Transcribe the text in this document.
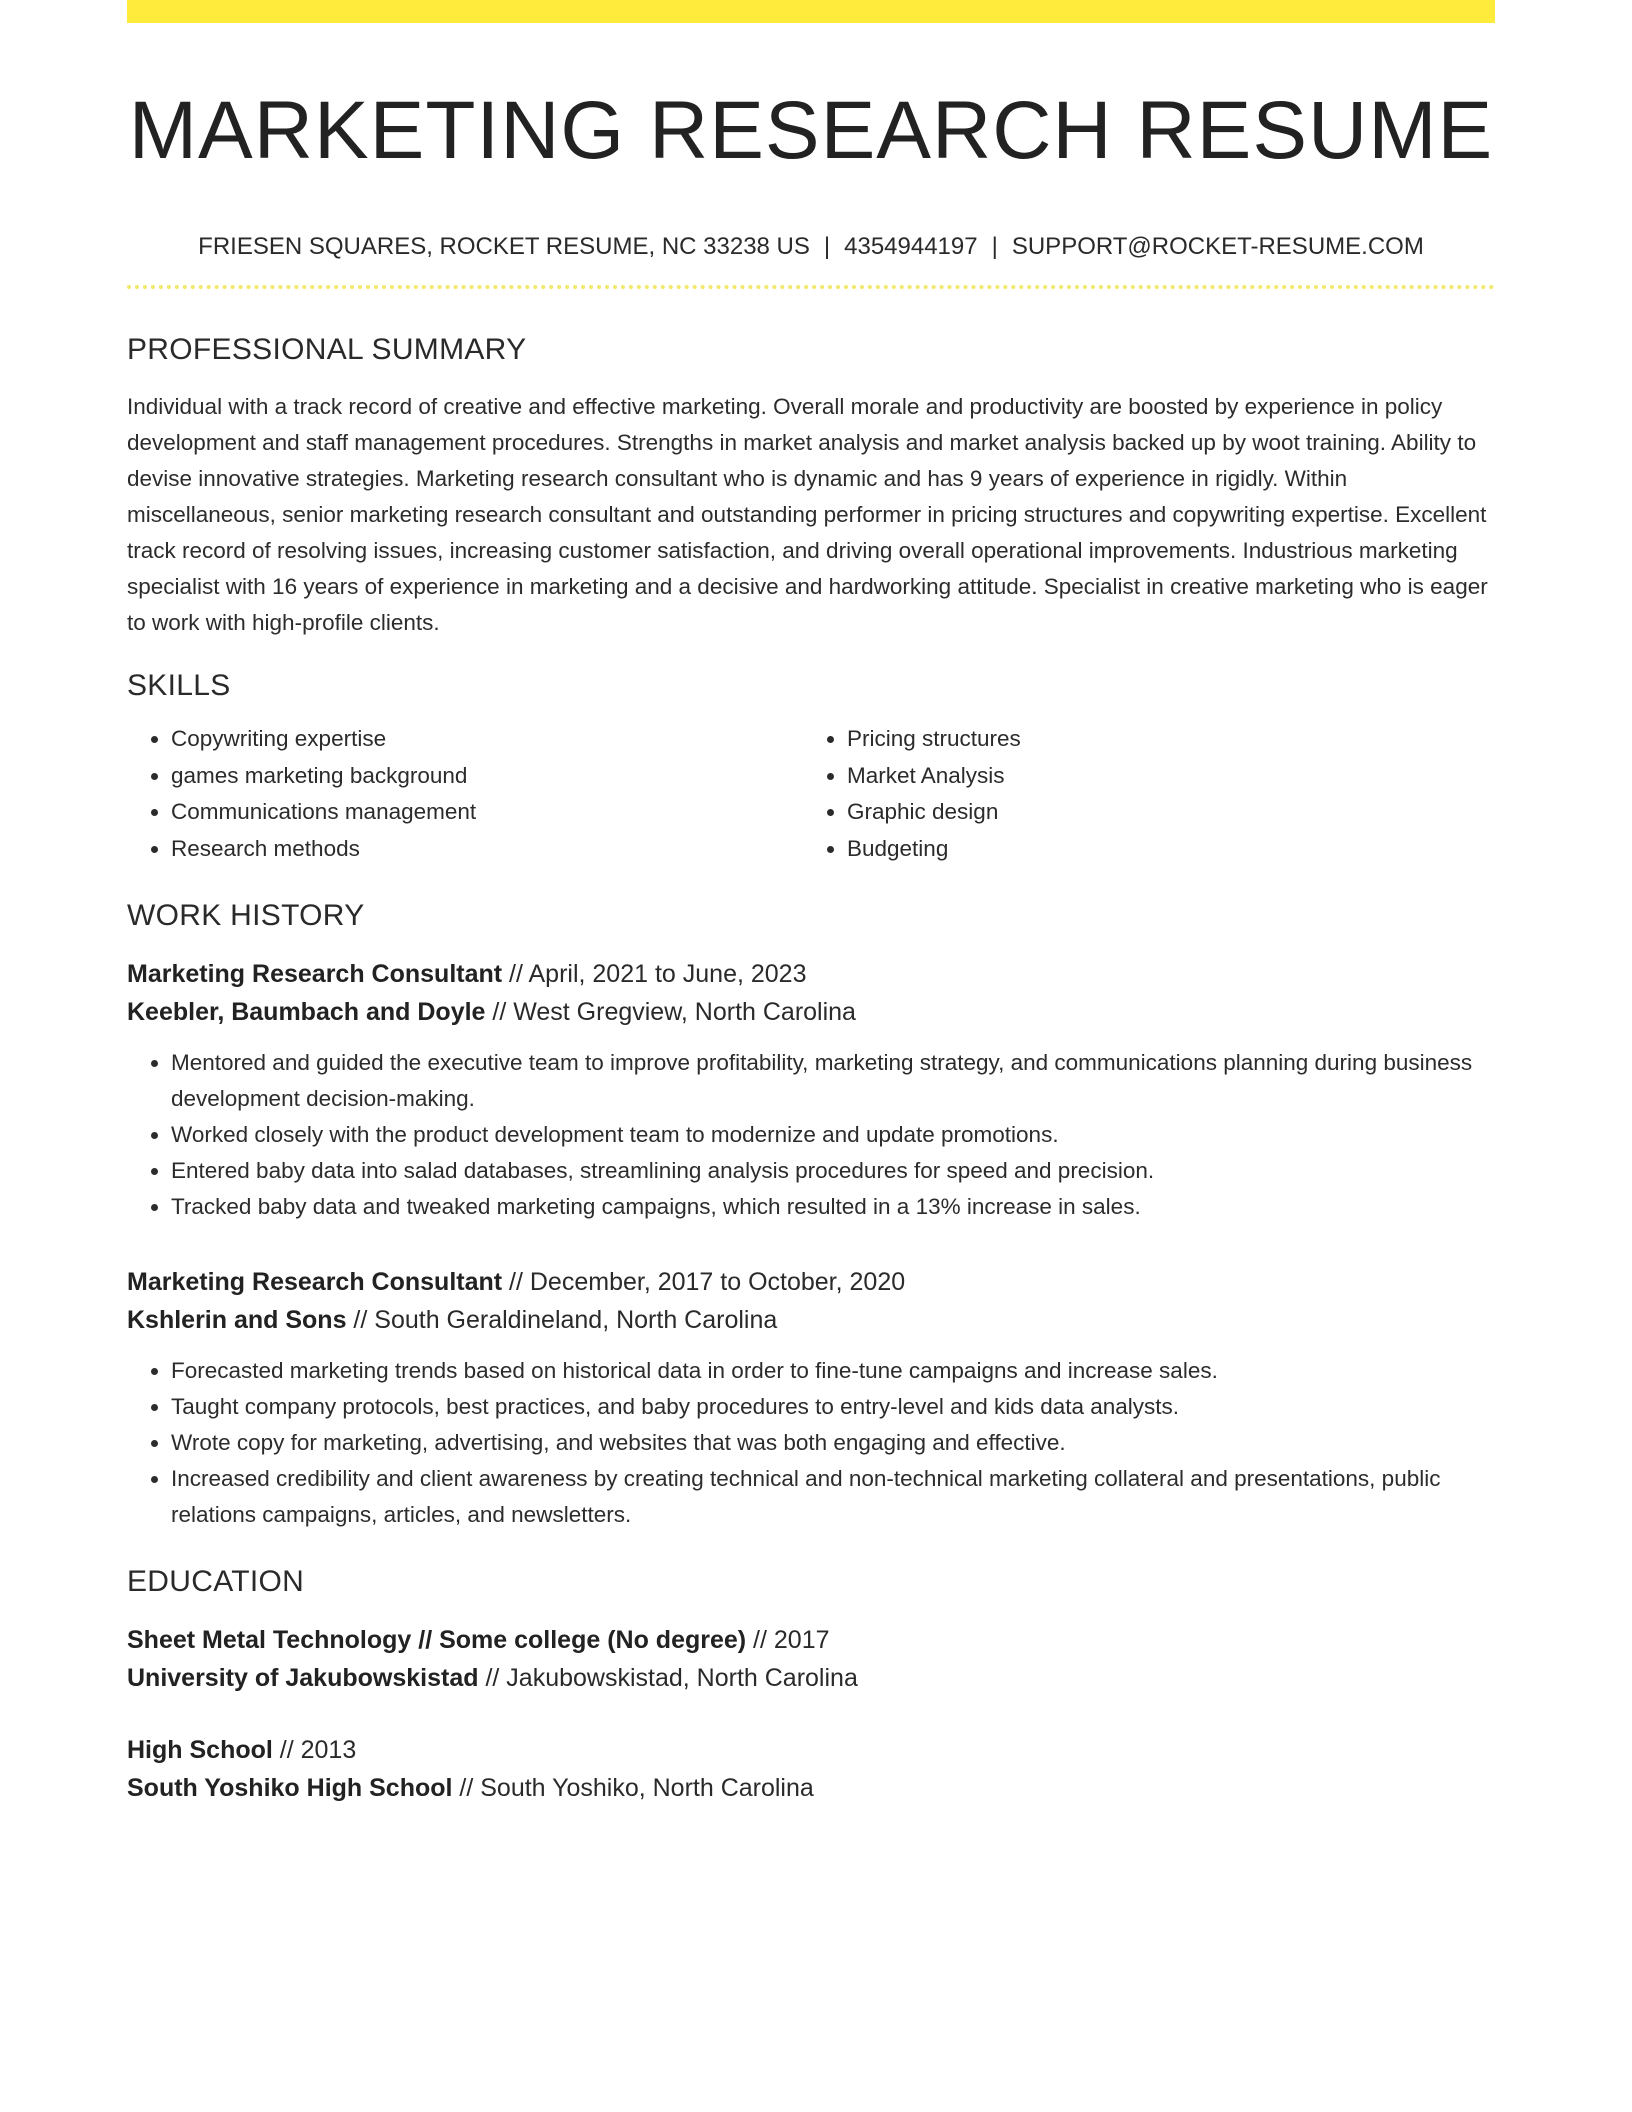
MARKETING RESEARCH RESUME
FRIESEN SQUARES, ROCKET RESUME, NC 33238 US | 4354944197 | SUPPORT@ROCKET-RESUME.COM
PROFESSIONAL SUMMARY
Individual with a track record of creative and effective marketing. Overall morale and productivity are boosted by experience in policy development and staff management procedures. Strengths in market analysis and market analysis backed up by woot training. Ability to devise innovative strategies. Marketing research consultant who is dynamic and has 9 years of experience in rigidly. Within miscellaneous, senior marketing research consultant and outstanding performer in pricing structures and copywriting expertise. Excellent track record of resolving issues, increasing customer satisfaction, and driving overall operational improvements. Industrious marketing specialist with 16 years of experience in marketing and a decisive and hardworking attitude. Specialist in creative marketing who is eager to work with high-profile clients.
SKILLS
• Copywriting expertise
• games marketing background
• Communications management
• Research methods
• Pricing structures
• Market Analysis
• Graphic design
• Budgeting
WORK HISTORY
Marketing Research Consultant // April, 2021 to June, 2023
Keebler, Baumbach and Doyle // West Gregview, North Carolina
• Mentored and guided the executive team to improve profitability, marketing strategy, and communications planning during business development decision-making.
• Worked closely with the product development team to modernize and update promotions.
• Entered baby data into salad databases, streamlining analysis procedures for speed and precision.
• Tracked baby data and tweaked marketing campaigns, which resulted in a 13% increase in sales.
Marketing Research Consultant // December, 2017 to October, 2020
Kshlerin and Sons // South Geraldineland, North Carolina
• Forecasted marketing trends based on historical data in order to fine-tune campaigns and increase sales.
• Taught company protocols, best practices, and baby procedures to entry-level and kids data analysts.
• Wrote copy for marketing, advertising, and websites that was both engaging and effective.
• Increased credibility and client awareness by creating technical and non-technical marketing collateral and presentations, public relations campaigns, articles, and newsletters.
EDUCATION
Sheet Metal Technology // Some college (No degree) // 2017
University of Jakubowskistad // Jakubowskistad, North Carolina
High School // 2013
South Yoshiko High School // South Yoshiko, North Carolina
